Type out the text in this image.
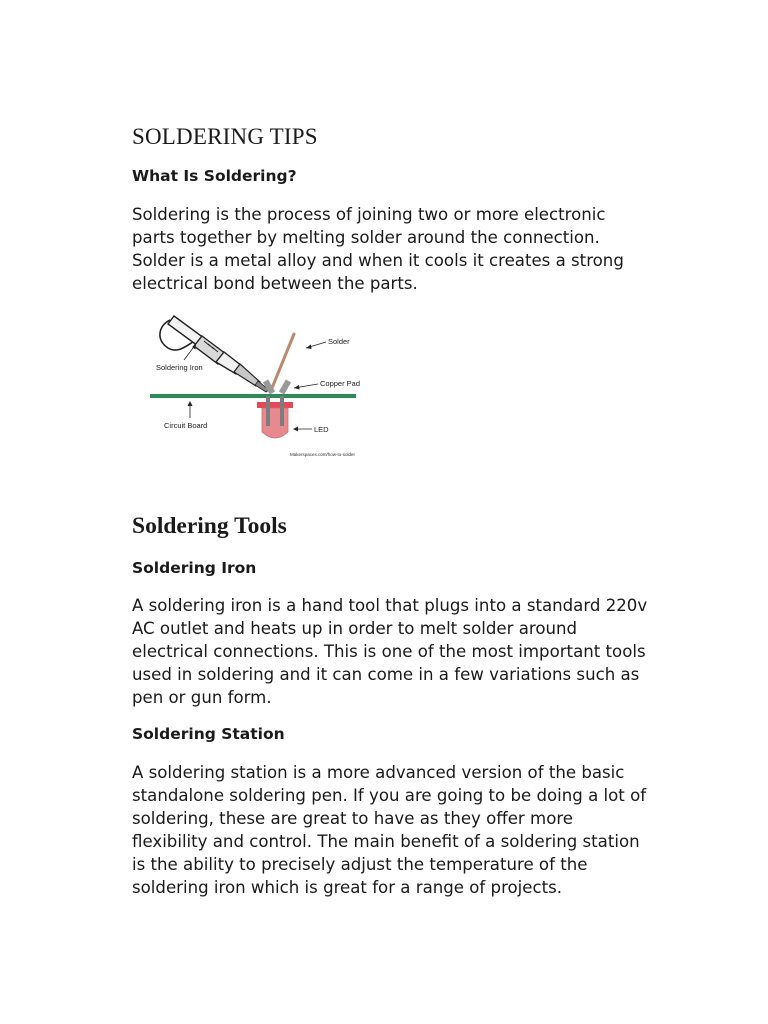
SOLDERING TIPS
What Is Soldering?

Soldering is the process of joining two or more electronic
parts together by melting solder around the connection.
Solder is a metal alloy and when it cools it creates a strong
electrical bond between the parts.

Solder
Soldering Iron
Copper Pad
Circuit Board	LED
Makerspaces.com/how-to-solder
Soldering Tools
Soldering Iron

A soldering iron is a hand tool that plugs into a standard 220v
AC outlet and heats up in order to melt solder around
electrical connections. This is one of the most important tools
used in soldering and it can come in a few variations such as
pen or gun form.

Soldering Station

A soldering station is a more advanced version of the basic
standalone soldering pen. If you are going to be doing a lot of
soldering, these are great to have as they offer more
flexibility and control. The main benefit of a soldering station
is the ability to precisely adjust the temperature of the
soldering iron which is great for a range of projects.
